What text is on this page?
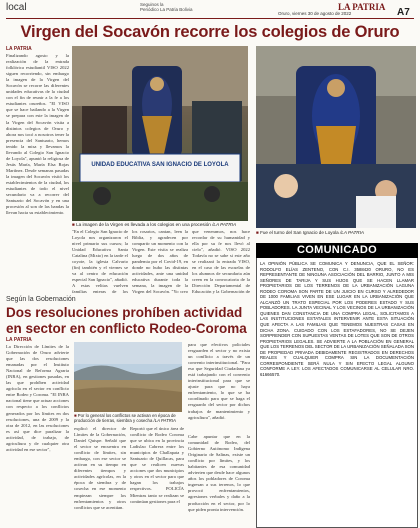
local	Seguinos la
Periódico La Patria Bolivia	LA PATRIA
Oruro, viernes 30 de agosto de 2022	A7
Virgen del Socavón recorre los colegios de Oruro
LA PATRIA
Finalizando agosto y la realización de la entrada folklórica estudiantil VISO 2022 siguen recorriendo, sin embargo la imagen de la Virgen del Socavón se recorre las diferentes unidades educativas de la ciudad con el fin de reunir a la fe a los estudiantes orureños. "El VISO que se hace bailando a la Virgen se prepara con este la imagen de la Virgen del Socavón visita a distintos colegios de Oruro y ahora nos tocó a nosotros tener la presencia del Santuario, hemos tenido la misa y llevamos la llevando al Colegio San Ignacio de Loyola", apuntó la religiosa de Jesús María, María Elsa Rojas Martínez. Desde semanas pasadas la imagen del Socavón visitó los establecimientos de la ciudad, los estudiantes de todo el nivel secundario va a recorrer del Santuario del Socavón y en una procesión al son de las bandas la llevan hacia su establecimiento.
UNIDAD EDUCATIVA SAN IGNACIO DE LOYOLA
■ La imagen de la Virgen es llevada a los colegios en una procesión /LA PATRIA
■ Fue el turno del San Ignacio de Loyola /LA PATRIA
"En el Colegio San Ignacio de Loyola nos organizaron el nivel primario sus cursos; la Unidad Educativa Santa Catalina (Mixto) en la tarde el coyote, la iglesia Calvario (fin) también y el viernes se va al centro de educación especial San Ignacio", añadió. A estas velitas vuelven familias enteras de los
los rosarios, cantan, leen la Biblia, y agradecen por compartir un momento con la Virgen. Este visita se realiza luego de dos años de pandemia por el Covid-19, en donde no hubo las distintas actividades, ante una unidad educativa durante toda la semana, la imagen de la Virgen del Socavón. "Yo creo
que veneramos, nos hace recordar de su humanidad y ella por su fe nos llevó al cielo", añadió. VISO 2022 Todavía no se sabe si este año se realizará la entrada VISO, en el caso de las escuelas de los alumnos de secundaria aún creen en la convocatoria de la Dirección Departamental de Educación y la Gobernación de
COMUNICADO
LA OPINIÓN PÚBLICA SE COMUNICA Y DENUNCIA, QUE EL SEÑOR: RODOLFO ELÍAS ZENTENO, CON C.I. 3588420 ORURO, NO ES REPRESENTANTE DE NINGUNA ASOCIACIÓN DEL BARRIO, JUNTO A MIS SEÑORES DE TARIJA Y SUS HIJOS QUE SE HACEN LLAMAR PROPIETARIOS DE LOS TERRENOS DE LA URBANIZACIÓN LAGUNA RODEO COROMA SON PARTE DE UN JUICIO EN CURSO Y ALREDEDOR DE 1000 FAMILIAS VIVEN EN ESE LUGAR EN LA URBANIZACIÓN QUE ALCANZÓ UN TRATO ESPECIAL POR LOS PODERES ESTADO Y SUS POBLADORES. LA JUNTA VECINAL Y LOS VECINOS DE LA URBANIZACIÓN QUIENES DAN CONSTANCIA DE UNA COMPRA LEGAL, SOLICITAMOS A LAS INSTITUCIONES ESTATALES INTERVENIR ANTE ESTA SITUACIÓN QUE AFECTA A LAS FAMILIAS QUE TENEMOS NUESTRAS CASAS EN DICHA ZONA. CUIDADO CON LOS ESTAFADORES, NO SE DEJEN SORPRENDER CON SUPUESTAS VENTAS DE LOTES QUE SON DE OTROS PROPIETARIOS LEGALES. SE ADVIERTE A LA POBLACIÓN EN GENERAL QUE LOS TERRENOS DEL SECTOR DE LA URBANIZACIÓN SEÑALADA SON DE PROPIEDAD PRIVADA DEBIDAMENTE REGISTRADOS EN DERECHOS REALES Y CUALQUIER COMPRA SIN LA DOCUMENTACIÓN CORRESPONDIENTE SERÁ NULA Y SIN EFECTO LEGAL ALGUNO CONFORME A LEY. LOS AFECTADOS COMUNICARSE AL CELULAR NRO. 61666570.
Según la Gobernación
Dos resoluciones prohíben actividad en sector en conflicto Rodeo-Coroma
LA PATRIA
La Dirección de Límites de la Gobernación de Oruro advierte que las dos resoluciones emanadas por el Instituto Nacional de Reforma Agraria (INRA), en gestiones pasadas, en las que prohíben actividad agrícola en el sector en conflicto entre Rodeo y Coroma. "El INRA nacional tiene que actuar acciones con respecto a los conflictos generados por los límites en dos resoluciones, una de 2009 y la otra de 2012, en las resoluciones es así que dice paralizar la actividad, de trabajo, de agricultura y de cualquier otra actividad en ese sector",
■ Por lo general los conflictos se activan en época de producción de tierras, siembra y cosecha /LA PATRIA
explicó el director de Límites de la Gobernación, Daniel Quispe. Señaló que el sector se encuentra en conflicto de límites, sin embargo, con ese sector se activan en su tiempo en diferentes tiempos y actividades agrícolas, en la época de siembra y de cosecha en ese momento empiezan siempre los enfrentamientos y otros conflictos que se acentúan.
Reportó que el único área de conflicto de Rodeo Coroma que se ubica en la provincia Ladislao Cabrera entre los municipios de Challapata y Santuario de Quillacas, para que se realicen nuevas acciones que dos municipios y otros en el sector para que hagan los trabajos respectivos. POLICÍA Mientras tanto se realizan se continúan gestiones para el
para que efectivos policiales resguarden el sector y no exista un conflicto a través de un convenio interinstitucional. "Para eso que Seguridad Ciudadana ya está trabajando con el convenio interinstitucional para que se ajuste para que no haya enfrentamiento, lo que se ha coordinado para que se haga el resguardo del sector por dichos trabajos de mantenimiento y agricultura", añadió.
Cabe apuntar que en la comunidad de Rodeo, del Gobierno Autónomo Indígena Originario de Salinas, existe un conflicto por límites, y los habitantes de esa comunidad advierten que desde hace algunos años los pobladores de Coroma ingresan a sus terrenos, lo que provocó enfrentamientos, agresiones verbales y daño a la producción en el sector, por lo que piden pronta intervención.
